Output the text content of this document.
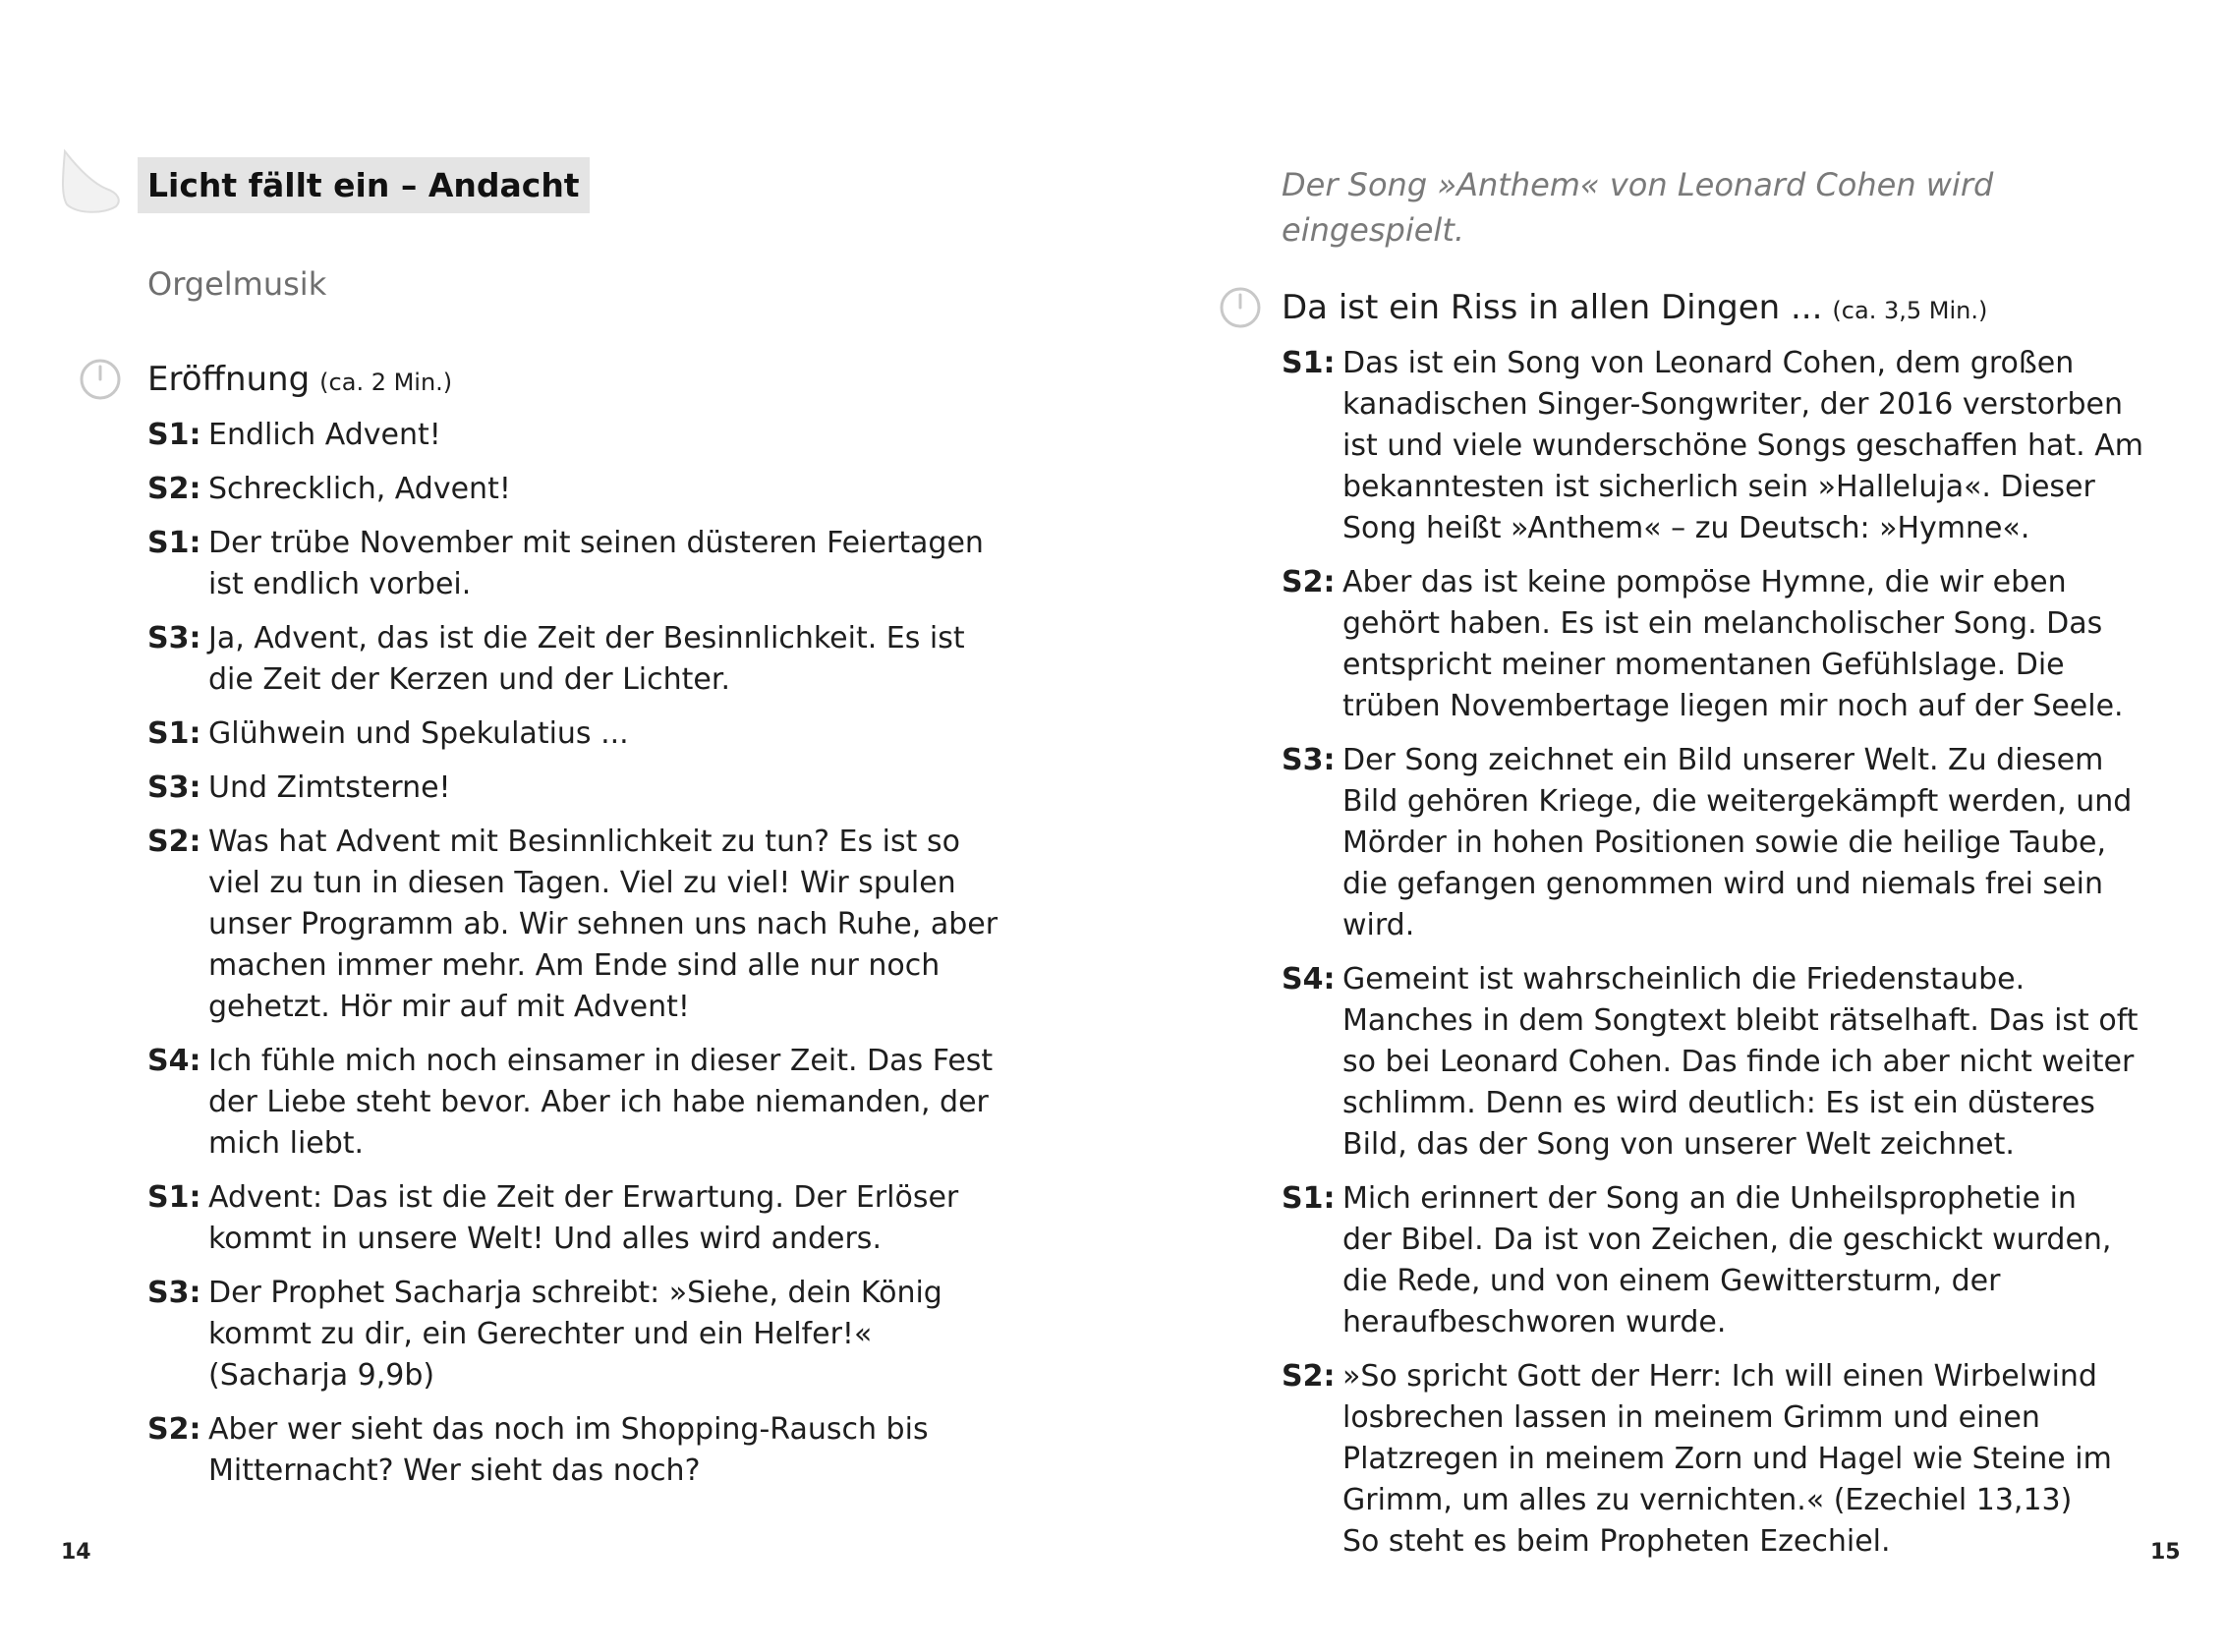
Licht fällt ein – Andacht
Orgelmusik
Eröffnung (ca. 2 Min.)
S1: Endlich Advent!
S2: Schrecklich, Advent!
S1: Der trübe November mit seinen düsteren Feiertagen
ist endlich vorbei.
S3: Ja, Advent, das ist die Zeit der Besinnlichkeit. Es ist
die Zeit der Kerzen und der Lichter.
S1: Glühwein und Spekulatius ...
S3: Und Zimtsterne!
S2: Was hat Advent mit Besinnlichkeit zu tun? Es ist so
viel zu tun in diesen Tagen. Viel zu viel! Wir spulen
unser Programm ab. Wir sehnen uns nach Ruhe, aber
machen immer mehr. Am Ende sind alle nur noch
gehetzt. Hör mir auf mit Advent!
S4: Ich fühle mich noch einsamer in dieser Zeit. Das Fest
der Liebe steht bevor. Aber ich habe niemanden, der
mich liebt.
S1: Advent: Das ist die Zeit der Erwartung. Der Erlöser
kommt in unsere Welt! Und alles wird anders.
S3: Der Prophet Sacharja schreibt: »Siehe, dein König
kommt zu dir, ein Gerechter und ein Helfer!«
(Sacharja 9,9b)
S2: Aber wer sieht das noch im Shopping-Rausch bis
Mitternacht? Wer sieht das noch?
14
Der Song »Anthem« von Leonard Cohen wird
eingespielt.
Da ist ein Riss in allen Dingen ... (ca. 3,5 Min.)
S1: Das ist ein Song von Leonard Cohen, dem großen
kanadischen Singer-Songwriter, der 2016 verstorben
ist und viele wunderschöne Songs geschaffen hat. Am
bekanntesten ist sicherlich sein »Halleluja«. Dieser
Song heißt »Anthem« – zu Deutsch: »Hymne«.
S2: Aber das ist keine pompöse Hymne, die wir eben
gehört haben. Es ist ein melancholischer Song. Das
entspricht meiner momentanen Gefühlslage. Die
trüben Novembertage liegen mir noch auf der Seele.
S3: Der Song zeichnet ein Bild unserer Welt. Zu diesem
Bild gehören Kriege, die weitergekämpft werden, und
Mörder in hohen Positionen sowie die heilige Taube,
die gefangen genommen wird und niemals frei sein
wird.
S4: Gemeint ist wahrscheinlich die Friedenstaube.
Manches in dem Songtext bleibt rätselhaft. Das ist oft
so bei Leonard Cohen. Das finde ich aber nicht weiter
schlimm. Denn es wird deutlich: Es ist ein düsteres
Bild, das der Song von unserer Welt zeichnet.
S1: Mich erinnert der Song an die Unheilsprophetie in
der Bibel. Da ist von Zeichen, die geschickt wurden,
die Rede, und von einem Gewittersturm, der
heraufbeschworen wurde.
S2: »So spricht Gott der Herr: Ich will einen Wirbelwind
losbrechen lassen in meinem Grimm und einen
Platzregen in meinem Zorn und Hagel wie Steine im
Grimm, um alles zu vernichten.« (Ezechiel 13,13)
So steht es beim Propheten Ezechiel.	15
